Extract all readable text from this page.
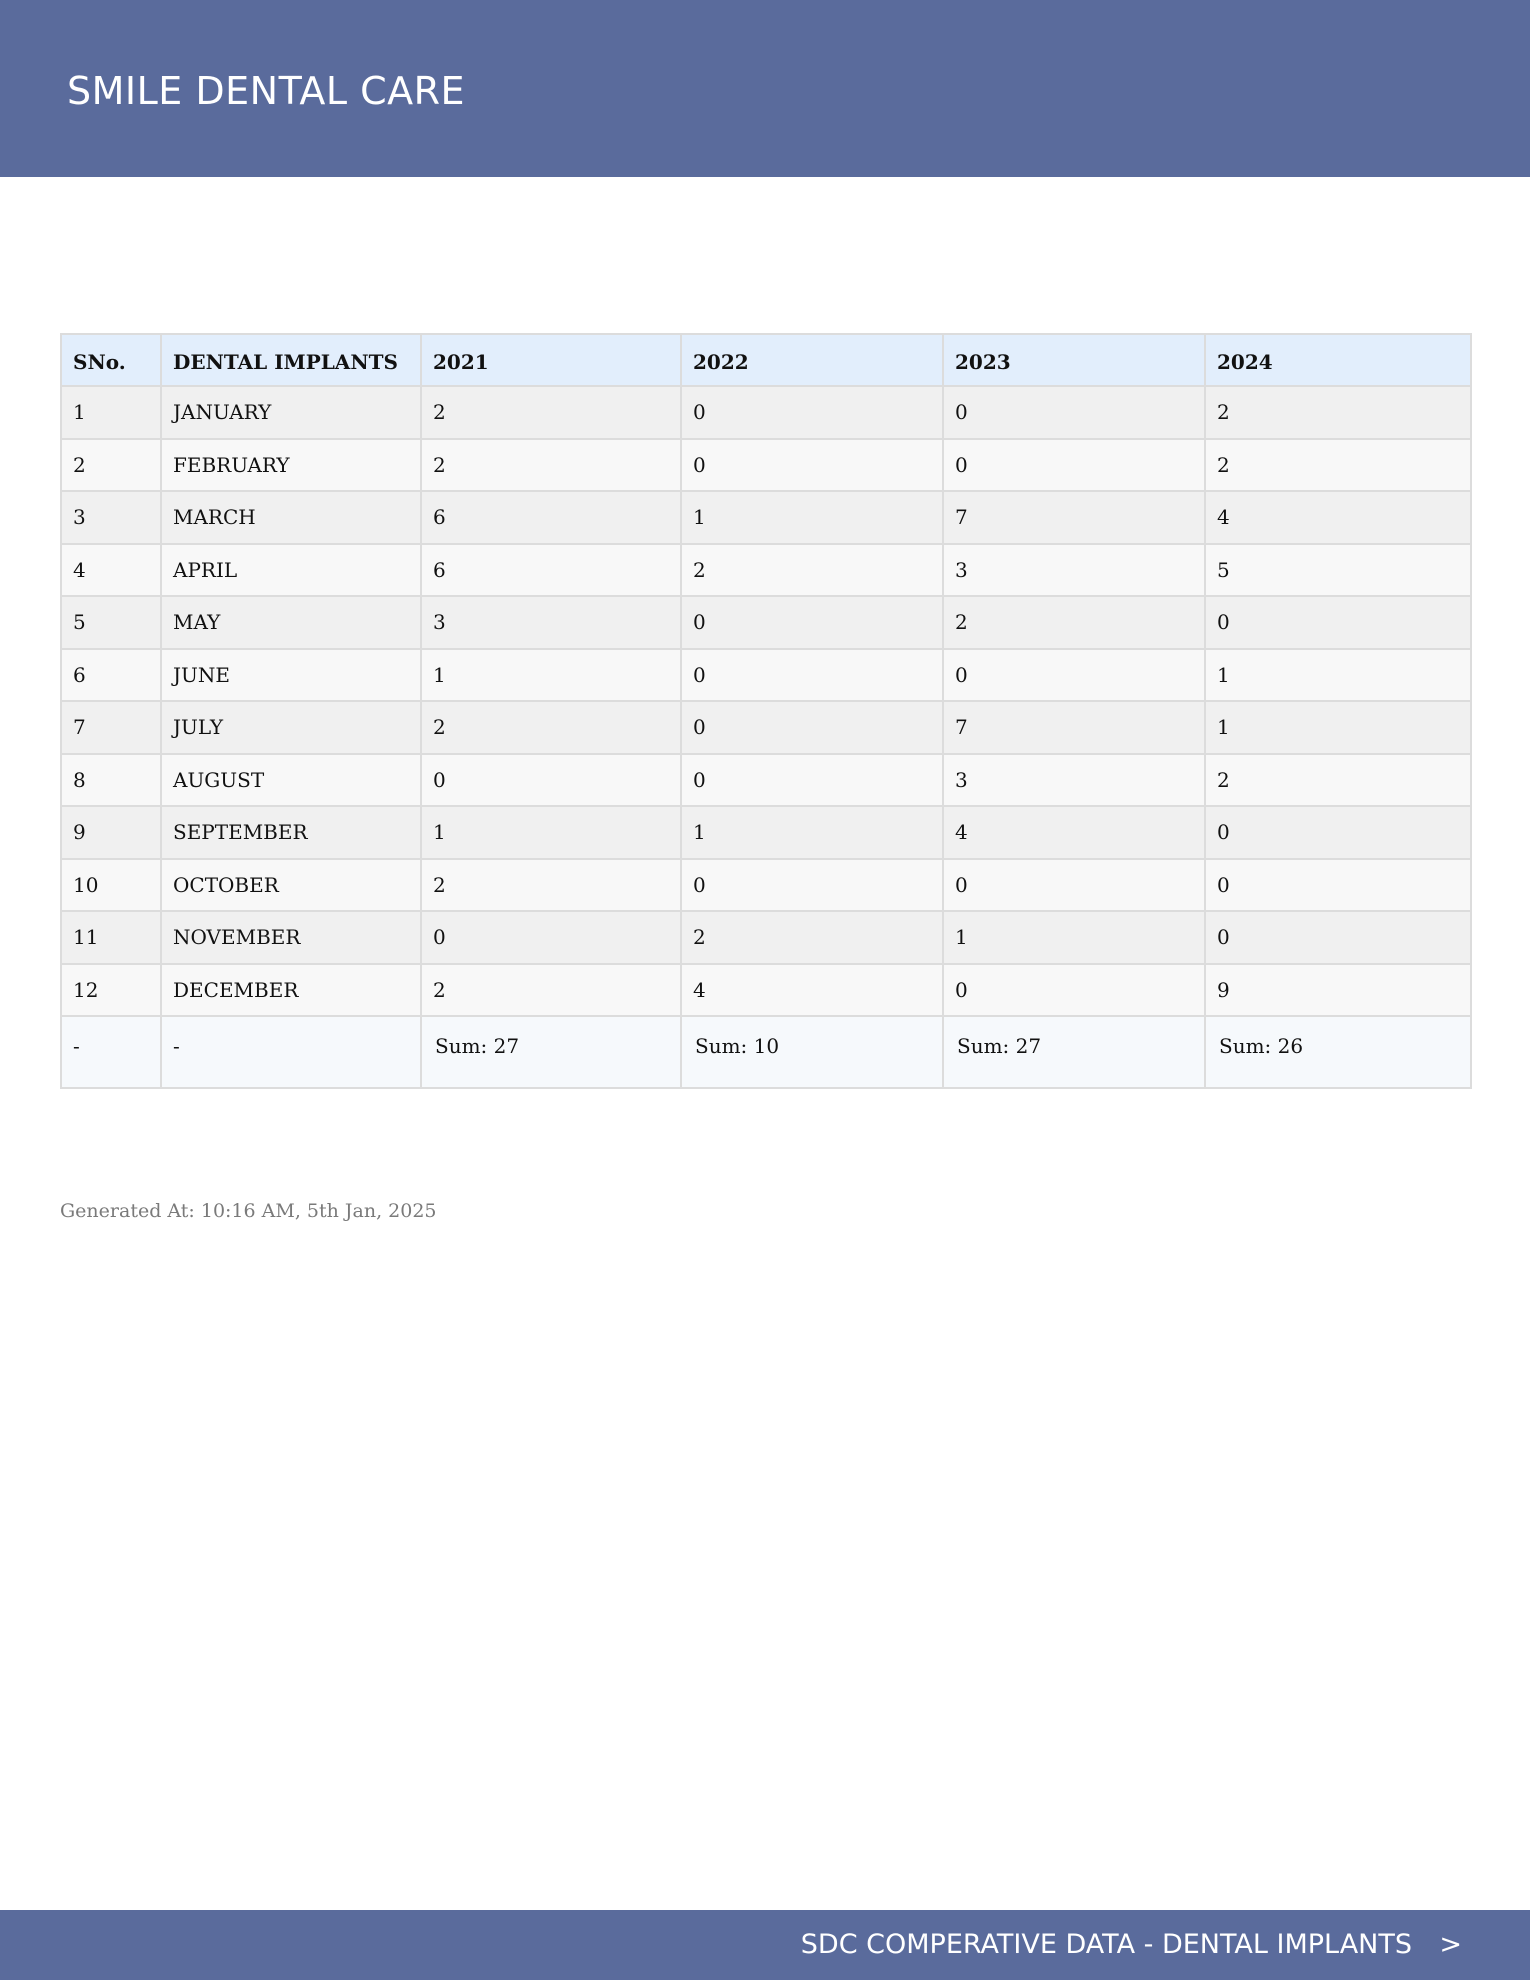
SMILE DENTAL CARE
SNo.	DENTAL IMPLANTS	2021	2022	2023	2024
1	JANUARY	2	0	0	2
2	FEBRUARY	2	0	0	2
3	MARCH	6	1	7	4
4	APRIL	6	2	3	5
5	MAY	3	0	2	0
6	JUNE	1	0	0	1
7	JULY	2	0	7	1
8	AUGUST	0	0	3	2
9	SEPTEMBER	1	1	4	0
10	OCTOBER	2	0	0	0
11	NOVEMBER	0	2	1	0
12	DECEMBER	2	4	0	9
-	-	Sum: 27	Sum: 10	Sum: 27	Sum: 26
Generated At: 10:16 AM, 5th Jan, 2025
SDC COMPERATIVE DATA - DENTAL IMPLANTS >
